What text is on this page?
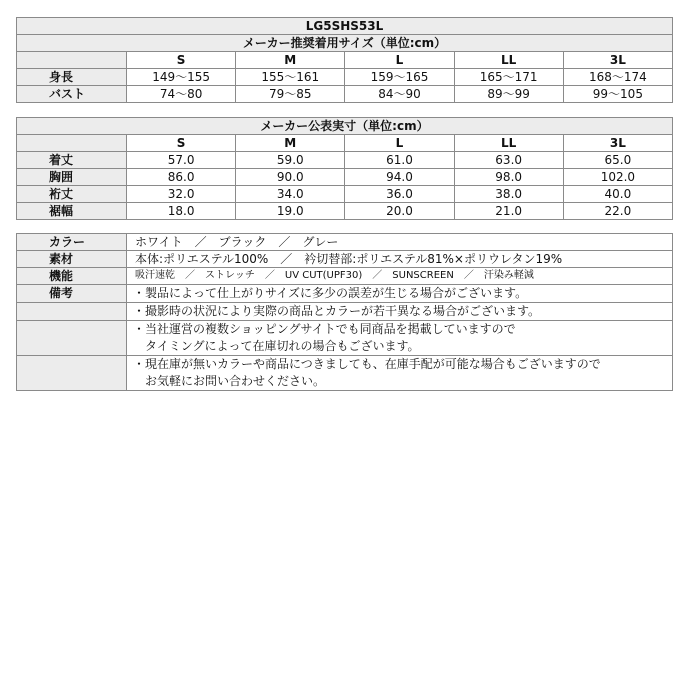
LG5SHS53L					
メーカー推奨着用サイズ（単位:cm）					
	S	M	L	LL	3L
身長	149～155	155～161	159～165	165～171	168～174
バスト	74～80	79～85	84～90	89～99	99～105
メーカー公表実寸（単位:cm）					
	S	M	L	LL	3L
着丈	57.0	59.0	61.0	63.0	65.0
胸囲	86.0	90.0	94.0	98.0	102.0
裄丈	32.0	34.0	36.0	38.0	40.0
裾幅	18.0	19.0	20.0	21.0	22.0
カラー	ホワイト　／　ブラック　／　グレー
素材	本体:ポリエステル100%　／　衿切替部:ポリエステル81%×ポリウレタン19%
機能	吸汗速乾　／　ストレッチ　／　UV CUT(UPF30)　／　SUNSCREEN　／　汗染み軽減
備考	・製品によって仕上がりサイズに多少の誤差が生じる場合がございます。

	・撮影時の状況により実際の商品とカラーが若干異なる場合がございます。

	・当社運営の複数ショッピングサイトでも同商品を掲載していますので
　タイミングによって在庫切れの場合もございます。

	・現在庫が無いカラーや商品につきましても、在庫手配が可能な場合もございますので
　お気軽にお問い合わせください。
